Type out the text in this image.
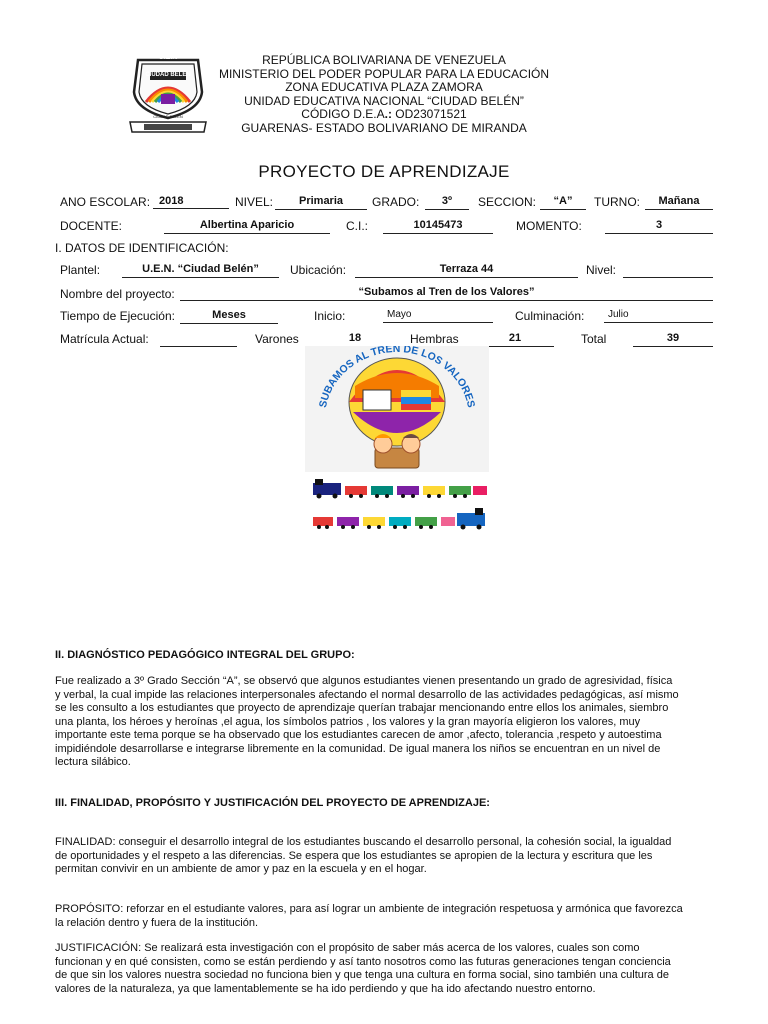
U.E.N
CIUDAD BELÉN
CIUDAD BELÉN
REPÚBLICA BOLIVARIANA DE VENEZUELA
MINISTERIO DEL PODER POPULAR PARA LA EDUCACIÓN
ZONA EDUCATIVA PLAZA ZAMORA
UNIDAD EDUCATIVA NACIONAL “CIUDAD BELÉN”
CÓDIGO D.E.A.: OD23071521
GUARENAS- ESTADO BOLIVARIANO DE MIRANDA
PROYECTO DE APRENDIZAJE
ANO ESCOLAR: 2018	NIVEL:	Primaria	GRADO:	3º	SECCION:	“A”	TURNO:	Mañana
DOCENTE:	Albertina Aparicio	C.I.:	10145473	MOMENTO:	3
I. DATOS DE IDENTIFICACIÓN:
Plantel:	U.E.N. “Ciudad Belén”	Ubicación:	Terraza 44	Nivel:
Nombre del proyecto:	“Subamos al Tren de los Valores”
Tiempo de Ejecución:	Meses	Inicio:	Mayo	Culminación:	Julio
Matrícula Actual:	Varones	18	Hembras	21	Total	39
SUBAMOS AL TREN DE LOS VALORES
II. DIAGNÓSTICO PEDAGÓGICO INTEGRAL DEL GRUPO:
Fue realizado a 3º Grado Sección “A”, se observó que algunos estudiantes vienen presentando un grado de agresividad, física
y verbal, la cual impide las relaciones interpersonales afectando el normal desarrollo de las actividades pedagógicas, así mismo
se les consulto a los estudiantes que proyecto de aprendizaje querían trabajar mencionando entre ellos los animales, siembro
una planta, los héroes y heroínas ,el agua, los símbolos patrios , los valores y la gran mayoría eligieron los valores, muy
importante este tema porque se ha observado que los estudiantes carecen de amor ,afecto, tolerancia ,respeto y autoestima
impidiéndole desarrollarse e integrarse libremente en la comunidad. De igual manera los niños se encuentran en un nivel de
lectura silábico.
III. FINALIDAD, PROPÓSITO Y JUSTIFICACIÓN DEL PROYECTO DE APRENDIZAJE:
FINALIDAD: conseguir el desarrollo integral de los estudiantes buscando el desarrollo personal, la cohesión social, la igualdad
de oportunidades y el respeto a las diferencias. Se espera que los estudiantes se apropien de la lectura y escritura que les
permitan convivir en un ambiente de amor y paz en la escuela y en el hogar.
PROPÓSITO: reforzar en el estudiante valores, para así lograr un ambiente de integración respetuosa y armónica que favorezca
la relación dentro y fuera de la institución.
JUSTIFICACIÓN: Se realizará esta investigación con el propósito de saber más acerca de los valores, cuales son como
funcionan y en qué consisten, como se están perdiendo y así tanto nosotros como las futuras generaciones tengan conciencia
de que sin los valores nuestra sociedad no funciona bien y que tenga una cultura en forma social, sino también una cultura de
valores de la naturaleza, ya que lamentablemente se ha ido perdiendo y que ha ido afectando nuestro entorno.
